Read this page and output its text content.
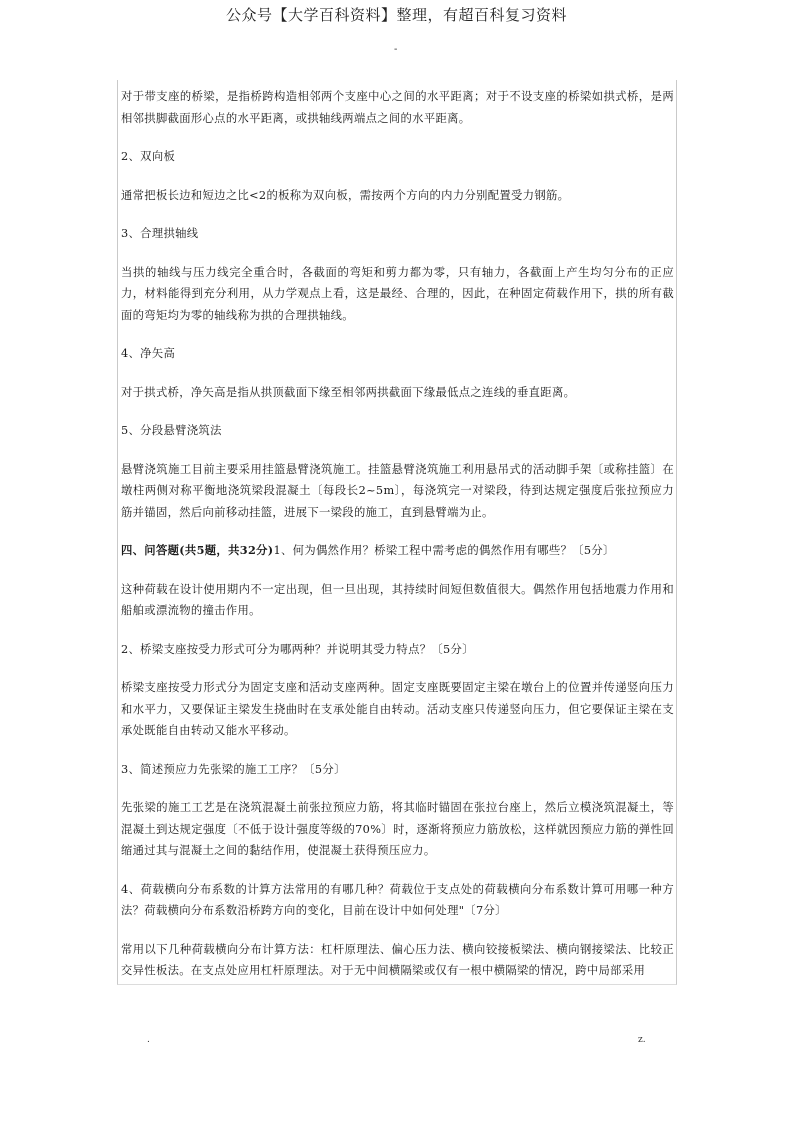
公众号【大学百科资料】整理，有超百科复习资料
-
对于带支座的桥梁，是指桥跨构造相邻两个支座中心之间的水平距离；对于不设支座的桥梁如拱式桥，是两相邻拱脚截面形心点的水平距离，或拱轴线两端点之间的水平距离。
2、双向板
通常把板长边和短边之比<2的板称为双向板，需按两个方向的内力分别配置受力钢筋。
3、合理拱轴线
当拱的轴线与压力线完全重合时，各截面的弯矩和剪力都为零，只有轴力，各截面上产生均匀分布的正应力，材料能得到充分利用，从力学观点上看，这是最经、合理的，因此，在种固定荷载作用下，拱的所有截面的弯矩均为零的轴线称为拱的合理拱轴线。
4、净矢高
对于拱式桥，净矢高是指从拱顶截面下缘至相邻两拱截面下缘最低点之连线的垂直距离。
5、分段悬臂浇筑法
悬臂浇筑施工目前主要采用挂篮悬臂浇筑施工。挂篮悬臂浇筑施工利用悬吊式的活动脚手架〔或称挂篮〕在墩柱两侧对称平衡地浇筑梁段混凝土〔每段长2~5m〕，每浇筑完一对梁段，待到达规定强度后张拉预应力筋并锚固，然后向前移动挂篮，进展下一梁段的施工，直到悬臂端为止。
四、问答题(共5题，共32分)1、何为偶然作用？桥梁工程中需考虑的偶然作用有哪些？〔5分〕
这种荷载在设计使用期内不一定出现，但一旦出现，其持续时间短但数值很大。偶然作用包括地震力作用和船舶或漂流物的撞击作用。
2、桥梁支座按受力形式可分为哪两种？并说明其受力特点？〔5分〕
桥梁支座按受力形式分为固定支座和活动支座两种。固定支座既要固定主梁在墩台上的位置并传递竖向压力和水平力，又要保证主梁发生挠曲时在支承处能自由转动。活动支座只传递竖向压力，但它要保证主梁在支承处既能自由转动又能水平移动。
3、简述预应力先张梁的施工工序？〔5分〕
先张梁的施工工艺是在浇筑混凝土前张拉预应力筋，将其临时锚固在张拉台座上，然后立模浇筑混凝土，等混凝土到达规定强度〔不低于设计强度等级的70%〕时，逐渐将预应力筋放松，这样就因预应力筋的弹性回缩通过其与混凝土之间的黏结作用，使混凝土获得预压应力。
4、荷载横向分布系数的计算方法常用的有哪几种？荷载位于支点处的荷载横向分布系数计算可用哪一种方法？荷载横向分布系数沿桥跨方向的变化，目前在设计中如何处理"〔7分〕
常用以下几种荷载横向分布计算方法：杠杆原理法、偏心压力法、横向铰接板梁法、横向钢接梁法、比较正交异性板法。在支点处应用杠杆原理法。对于无中间横隔梁或仅有一根中横隔梁的情况，跨中局部采用
.	z.
